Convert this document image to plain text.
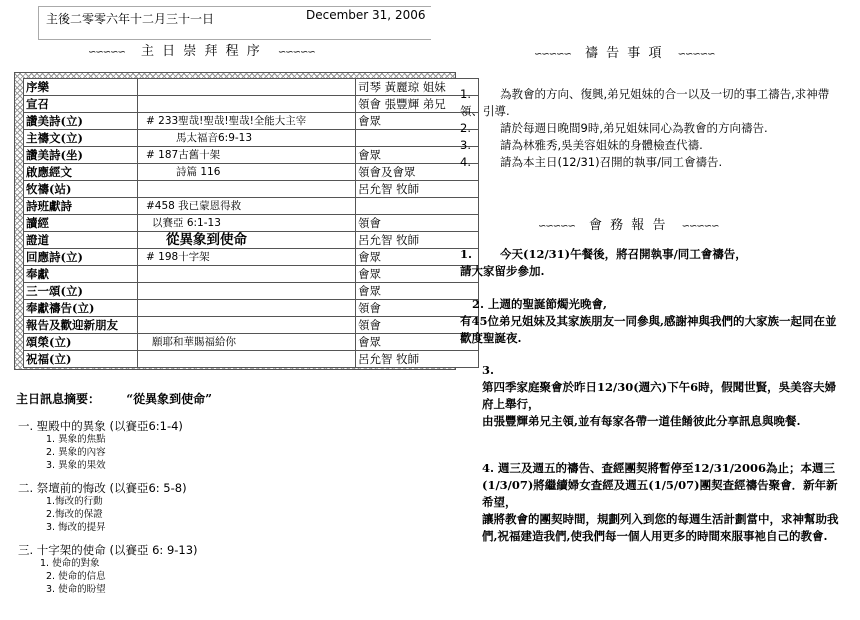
主後二零零六年十二月三十一日	December 31, 2006
∽∽∽∽∽ 主 日 崇 拜 程 序 ∽∽∽∽∽
序樂		司琴 黃麗琼 姐妹
宣召		領會 張豐輝 弟兄
讚美詩(立)	# 233聖哉!聖哉!聖哉!全能大主宰	會眾
主禱文(立)	馬太福音6:9-13	
讚美詩(坐)	# 187古舊十架	會眾
啟應經文	詩篇 116	領會及會眾
牧禱(站)		呂允智 牧師
詩班獻詩	#458 我已蒙恩得救	
讀經	以賽亞 6:1-13	領會
證道	從異象到使命	呂允智 牧師
回應詩(立)	# 198十字架	會眾
奉獻		會眾
三一頌(立)		會眾
奉獻禱告(立)		領會
報告及歡迎新朋友		領會
頌榮(立)	願耶和華賜福給你	會眾
祝福(立)		呂允智 牧師
主日訊息摘要： “從異象到使命”
一. 聖殿中的異象 (以賽亞6:1-4)
1. 異象的焦點
2. 異象的內容
3. 異象的果效
二. 祭壇前的悔改 (以賽亞6: 5-8)
1.悔改的行動
2.悔改的保證
3. 悔改的提昇
三. 十字架的使命 (以賽亞 6: 9-13)
1. 使命的對象
2. 使命的信息
3. 使命的盼望
∽∽∽∽∽ 禱 告 事 項 ∽∽∽∽∽
1.	為教會的方向、復興,弟兄姐妹的合一以及一切的事工禱告,求神帶領、引導.
2.	請於每週日晚間9時,弟兄姐妹同心為教會的方向禱告.
3.	請為林雅秀,吳美容姐妹的身體檢查代禱.
4.	請為本主日(12/31)召開的執事/同工會禱告.
∽∽∽∽∽ 會 務 報 告 ∽∽∽∽∽
1. 今天(12/31)午餐後，將召開執事/同工會禱告，
請大家留步參加.
2. 上週的聖誕節燭光晚會,
有45位弟兄姐妹及其家族朋友一同參與,感謝神與我們的大家族一起同在並歡度聖誕夜.
3.
第四季家庭聚會於昨日12/30(週六)下午6時，假聞世賢，吳美容夫婦府上舉行，
由張豐輝弟兄主領,並有每家各帶一道佳餚彼此分享訊息與晚餐.
4. 週三及週五的禱告、查經團契將暫停至12/31/2006為止；本週三(1/3/07)將繼續婦女查經及週五(1/5/07)團契查經禱告聚會．新年新希望，
讓將教會的團契時間，規劃列入到您的每週生活計劃當中，求神幫助我們,祝福建造我們,使我們每一個人用更多的時間來服事祂自己的教會.
